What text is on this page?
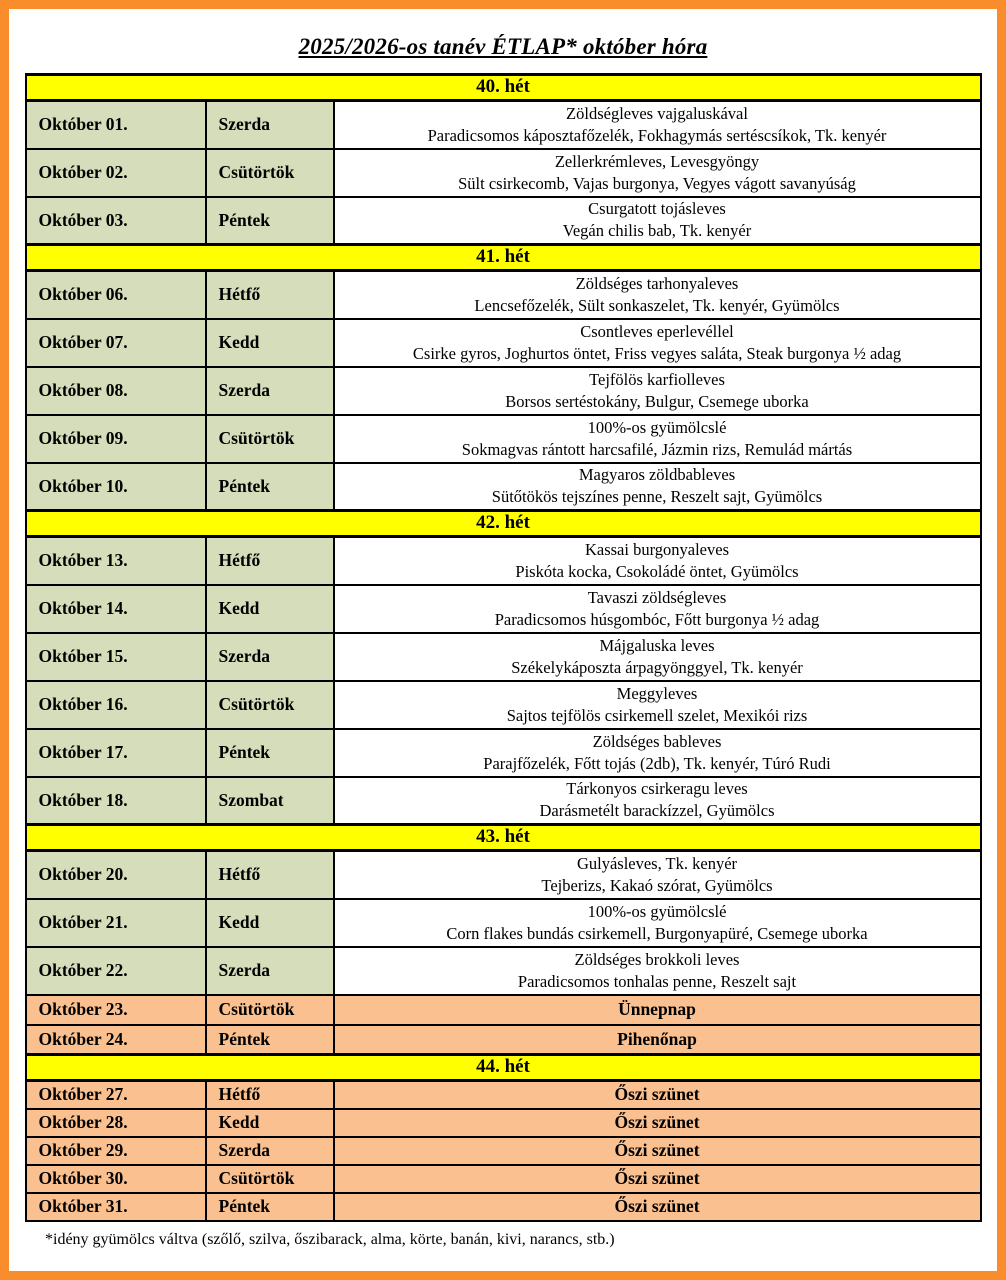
2025/2026-os tanév ÉTLAP* október hóra
40. hét		
Október 01.	Szerda	Zöldségleves vajgaluskával
Paradicsomos káposztafőzelék, Fokhagymás sertéscsíkok, Tk. kenyér

Október 02.	Csütörtök	Zellerkrémleves, Levesgyöngy
Sült csirkecomb, Vajas burgonya, Vegyes vágott savanyúság

Október 03.	Péntek	Csurgatott tojásleves
Vegán chilis bab, Tk. kenyér

41. hét		
Október 06.	Hétfő	Zöldséges tarhonyaleves
Lencsefőzelék, Sült sonkaszelet, Tk. kenyér, Gyümölcs

Október 07.	Kedd	Csontleves eperlevéllel
Csirke gyros, Joghurtos öntet, Friss vegyes saláta, Steak burgonya ½ adag

Október 08.	Szerda	Tejfölös karfiolleves
Borsos sertéstokány, Bulgur, Csemege uborka

Október 09.	Csütörtök	100%-os gyümölcslé
Sokmagvas rántott harcsafilé, Jázmin rizs, Remulád mártás

Október 10.	Péntek	Magyaros zöldbableves
Sütőtökös tejszínes penne, Reszelt sajt, Gyümölcs

42. hét		
Október 13.	Hétfő	Kassai burgonyaleves
Piskóta kocka, Csokoládé öntet, Gyümölcs

Október 14.	Kedd	Tavaszi zöldségleves
Paradicsomos húsgombóc, Főtt burgonya ½ adag

Október 15.	Szerda	Májgaluska leves
Székelykáposzta árpagyönggyel, Tk. kenyér

Október 16.	Csütörtök	Meggyleves
Sajtos tejfölös csirkemell szelet, Mexikói rizs

Október 17.	Péntek	Zöldséges bableves
Parajfőzelék, Főtt tojás (2db), Tk. kenyér, Túró Rudi

Október 18.	Szombat	Tárkonyos csirkeragu leves
Darásmetélt barackízzel, Gyümölcs

43. hét		
Október 20.	Hétfő	Gulyásleves, Tk. kenyér
Tejberizs, Kakaó szórat, Gyümölcs

Október 21.	Kedd	100%-os gyümölcslé
Corn flakes bundás csirkemell, Burgonyapüré, Csemege uborka

Október 22.	Szerda	Zöldséges brokkoli leves
Paradicsomos tonhalas penne, Reszelt sajt

Október 23.	Csütörtök	Ünnepnap

Október 24.	Péntek	Pihenőnap

44. hét		
Október 27.	Hétfő	Őszi szünet

Október 28.	Kedd	Őszi szünet

Október 29.	Szerda	Őszi szünet

Október 30.	Csütörtök	Őszi szünet

Október 31.	Péntek	Őszi szünet
*idény gyümölcs váltva (szőlő, szilva, őszibarack, alma, körte, banán, kivi, narancs, stb.)
